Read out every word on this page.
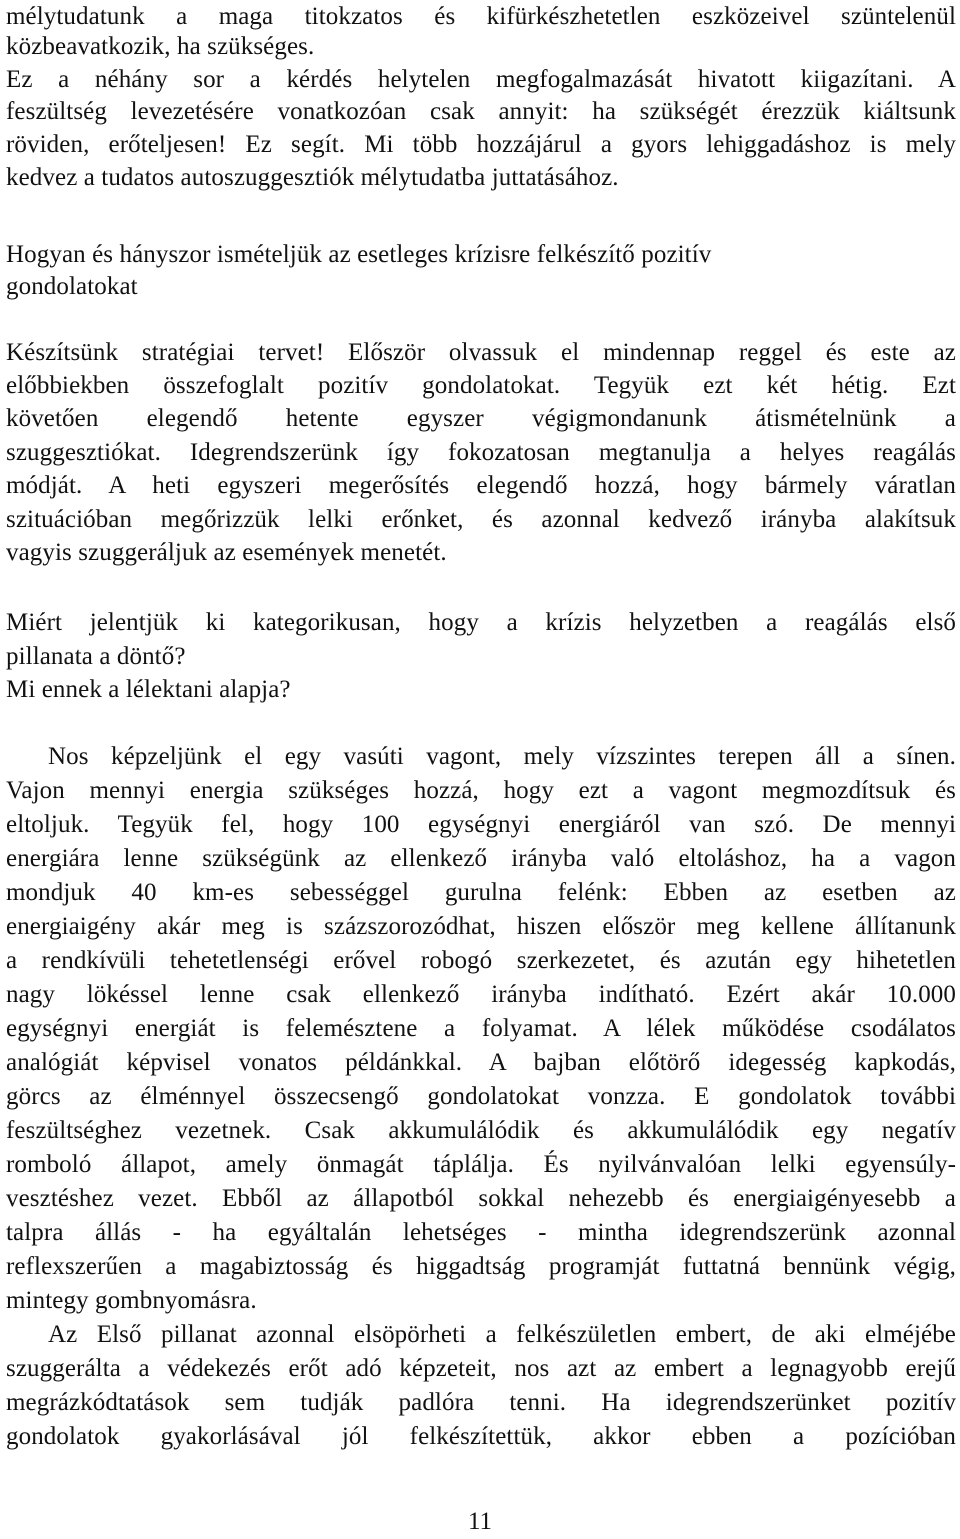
mélytudatunk a maga titokzatos és kifürkészhetetlen eszközeivel szüntelenül
közbeavatkozik, ha szükséges.
Ez a néhány sor a kérdés helytelen megfogalmazását hivatott kiigazítani. A
feszültség levezetésére vonatkozóan csak annyit: ha szükségét érezzük kiáltsunk
röviden, erőteljesen! Ez segít. Mi több hozzájárul a gyors lehiggadáshoz is mely
kedvez a tudatos autoszuggesztiók mélytudatba juttatásához.
Hogyan és hányszor ismételjük az esetleges krízisre felkészítő pozitív
gondolatokat
Készítsünk stratégiai tervet! Először olvassuk el mindennap reggel és este az
előbbiekben összefoglalt pozitív gondolatokat. Tegyük ezt két hétig. Ezt
követően elegendő hetente egyszer végigmondanunk átismételnünk a
szuggesztiókat. Idegrendszerünk így fokozatosan megtanulja a helyes reagálás
módját. A heti egyszeri megerősítés elegendő hozzá, hogy bármely váratlan
szituációban megőrizzük lelki erőnket, és azonnal kedvező irányba alakítsuk
vagyis szuggeráljuk az események menetét.
Miért jelentjük ki kategorikusan, hogy a krízis helyzetben a reagálás első
pillanata a döntő?
Mi ennek a lélektani alapja?
Nos képzeljünk el egy vasúti vagont, mely vízszintes terepen áll a sínen.
Vajon mennyi energia szükséges hozzá, hogy ezt a vagont megmozdítsuk és
eltoljuk. Tegyük fel, hogy 100 egységnyi energiáról van szó. De mennyi
energiára lenne szükségünk az ellenkező irányba való eltoláshoz, ha a vagon
mondjuk 40 km-es sebességgel gurulna felénk: Ebben az esetben az
energiaigény akár meg is százszorozódhat, hiszen először meg kellene állítanunk
a rendkívüli tehetetlenségi erővel robogó szerkezetet, és azután egy hihetetlen
nagy lökéssel lenne csak ellenkező irányba indítható. Ezért akár 10.000
egységnyi energiát is felemésztene a folyamat. A lélek működése csodálatos
analógiát képvisel vonatos példánkkal. A bajban előtörő idegesség kapkodás,
görcs az élménnyel összecsengő gondolatokat vonzza. E gondolatok további
feszültséghez vezetnek. Csak akkumulálódik és akkumulálódik egy negatív
romboló állapot, amely önmagát táplálja. És nyilvánvalóan lelki egyensúly-
vesztéshez vezet. Ebből az állapotból sokkal nehezebb és energiaigényesebb a
talpra állás - ha egyáltalán lehetséges - mintha idegrendszerünk azonnal
reflexszerűen a magabiztosság és higgadtság programját futtatná bennünk végig,
mintegy gombnyomásra.
Az Első pillanat azonnal elsöpörheti a felkészületlen embert, de aki elméjébe
szuggerálta a védekezés erőt adó képzeteit, nos azt az embert a legnagyobb erejű
megrázkódtatások sem tudják padlóra tenni. Ha idegrendszerünket pozitív
gondolatok gyakorlásával jól felkészítettük, akkor ebben a pozícióban
11
